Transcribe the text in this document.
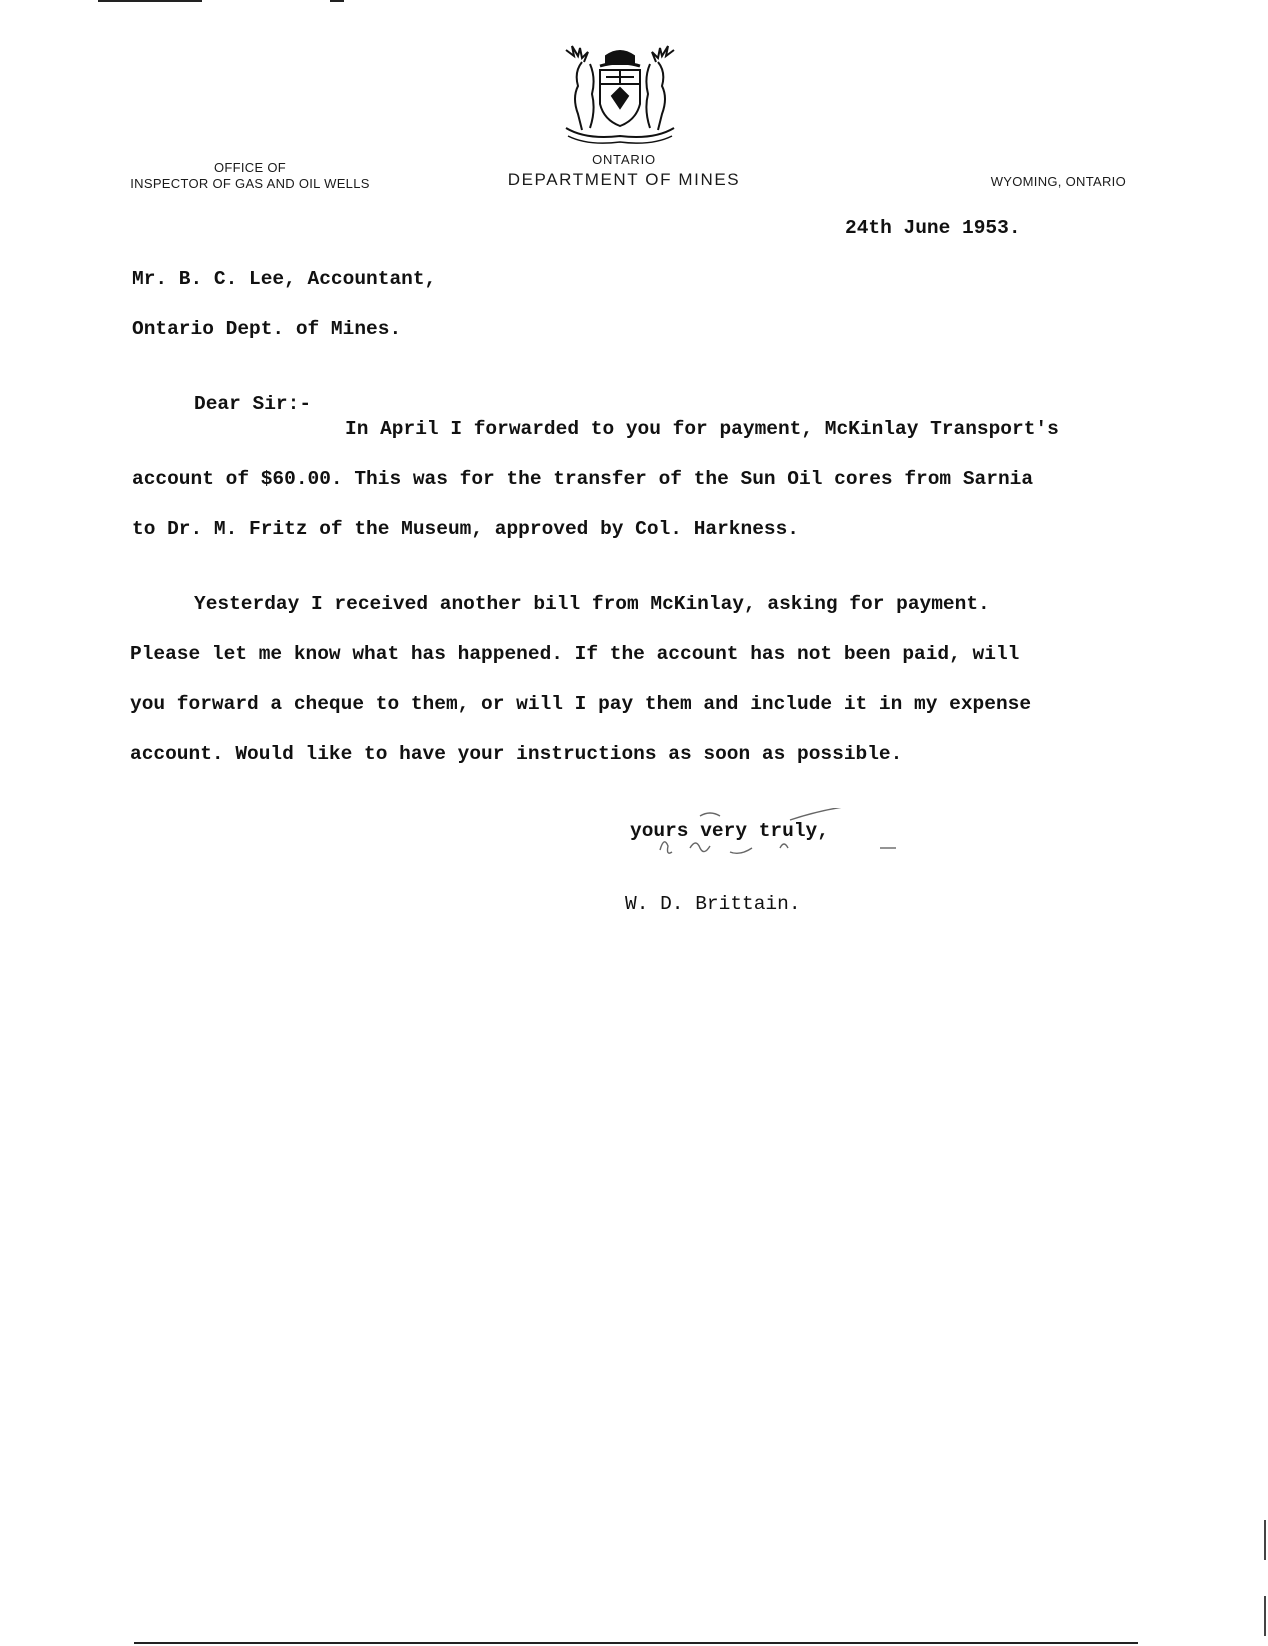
OFFICE OF
INSPECTOR OF GAS AND OIL WELLS
ONTARIO
DEPARTMENT OF MINES	WYOMING, ONTARIO
24th June 1953.
Mr. B. C. Lee, Accountant,
Ontario Dept. of Mines.
Dear Sir:-
In April I forwarded to you for payment, McKinlay Transport's
account of $60.00. This was for the transfer of the Sun Oil cores from Sarnia
to Dr. M. Fritz of the Museum, approved by Col. Harkness.
Yesterday I received another bill from McKinlay, asking for payment.
Please let me know what has happened. If the account has not been paid, will
you forward a cheque to them, or will I pay them and include it in my expense
account. Would like to have your instructions as soon as possible.
yours very truly,
W. D. Brittain.
